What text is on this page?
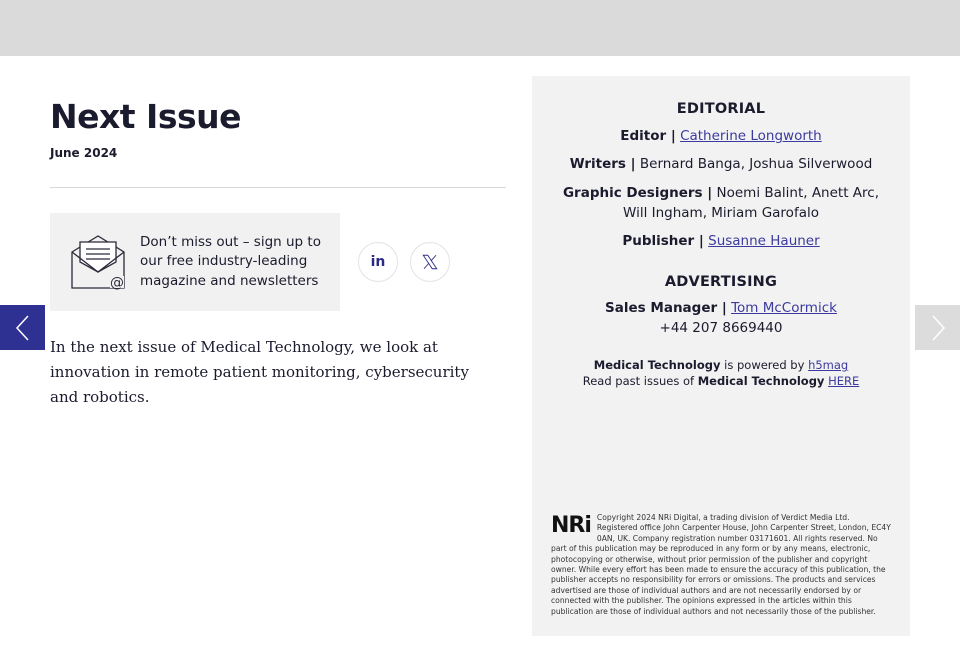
Next Issue
June 2024
@
Don’t miss out – sign up to our free industry-leading magazine and newsletters
in

In the next issue of Medical Technology, we look at innovation in remote patient monitoring, cybersecurity and robotics.

EDITORIAL
Editor | Catherine Longworth
Writers | Bernard Banga, Joshua Silverwood
Graphic Designers | Noemi Balint, Anett Arc,
Will Ingham, Miriam Garofalo
Publisher | Susanne Hauner
ADVERTISING
Sales Manager | Tom McCormick
+44 207 8669440
Medical Technology is powered by h5mag
Read past issues of Medical Technology HERE
NRi Copyright 2024 NRi Digital, a trading division of Verdict Media Ltd. Registered office John Carpenter House, John Carpenter Street, London, EC4Y 0AN, UK. Company registration number 03171601. All rights reserved. No part of this publication may be reproduced in any form or by any means, electronic, photocopying or otherwise, without prior permission of the publisher and copyright owner. While every effort has been made to ensure the accuracy of this publication, the publisher accepts no responsibility for errors or omissions. The products and services advertised are those of individual authors and are not necessarily endorsed by or connected with the publisher. The opinions expressed in the articles within this publication are those of individual authors and not necessarily those of the publisher.
